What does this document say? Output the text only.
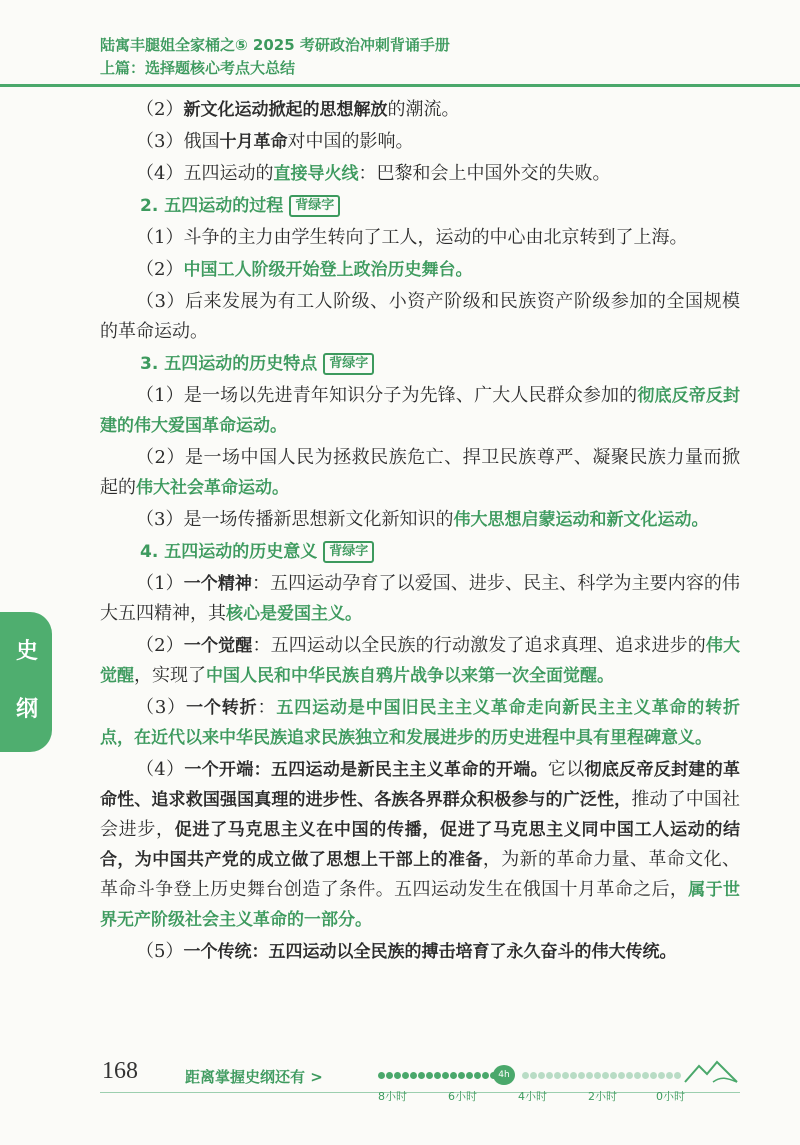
陆寓丰腿姐全家桶之⑤ 2025 考研政治冲刺背诵手册
上篇：选择题核心考点大总结

（2）新文化运动掀起的思想解放的潮流。

（3）俄国十月革命对中国的影响。

（4）五四运动的直接导火线：巴黎和会上中国外交的失败。

2. 五四运动的过程 背绿字

（1）斗争的主力由学生转向了工人，运动的中心由北京转到了上海。

（2）中国工人阶级开始登上政治历史舞台。

（3）后来发展为有工人阶级、小资产阶级和民族资产阶级参加的全国规模的革命运动。

3. 五四运动的历史特点 背绿字

（1）是一场以先进青年知识分子为先锋、广大人民群众参加的彻底反帝反封建的伟大爱国革命运动。

（2）是一场中国人民为拯救民族危亡、捍卫民族尊严、凝聚民族力量而掀起的伟大社会革命运动。

（3）是一场传播新思想新文化新知识的伟大思想启蒙运动和新文化运动。

4. 五四运动的历史意义 背绿字

（1）一个精神：五四运动孕育了以爱国、进步、民主、科学为主要内容的伟大五四精神，其核心是爱国主义。

（2）一个觉醒：五四运动以全民族的行动激发了追求真理、追求进步的伟大觉醒，实现了中国人民和中华民族自鸦片战争以来第一次全面觉醒。

（3）一个转折：五四运动是中国旧民主主义革命走向新民主主义革命的转折点，在近代以来中华民族追求民族独立和发展进步的历史进程中具有里程碑意义。

（4）一个开端：五四运动是新民主主义革命的开端。它以彻底反帝反封建的革命性、追求救国强国真理的进步性、各族各界群众积极参与的广泛性，推动了中国社会进步，促进了马克思主义在中国的传播，促进了马克思主义同中国工人运动的结合，为中国共产党的成立做了思想上干部上的准备，为新的革命力量、革命文化、革命斗争登上历史舞台创造了条件。五四运动发生在俄国十月革命之后，属于世界无产阶级社会主义革命的一部分。

（5）一个传统：五四运动以全民族的搏击培育了永久奋斗的伟大传统。

史
纲
168	距离掌握史纲还有 >	4h
8小时	6小时	4小时	2小时	0小时
